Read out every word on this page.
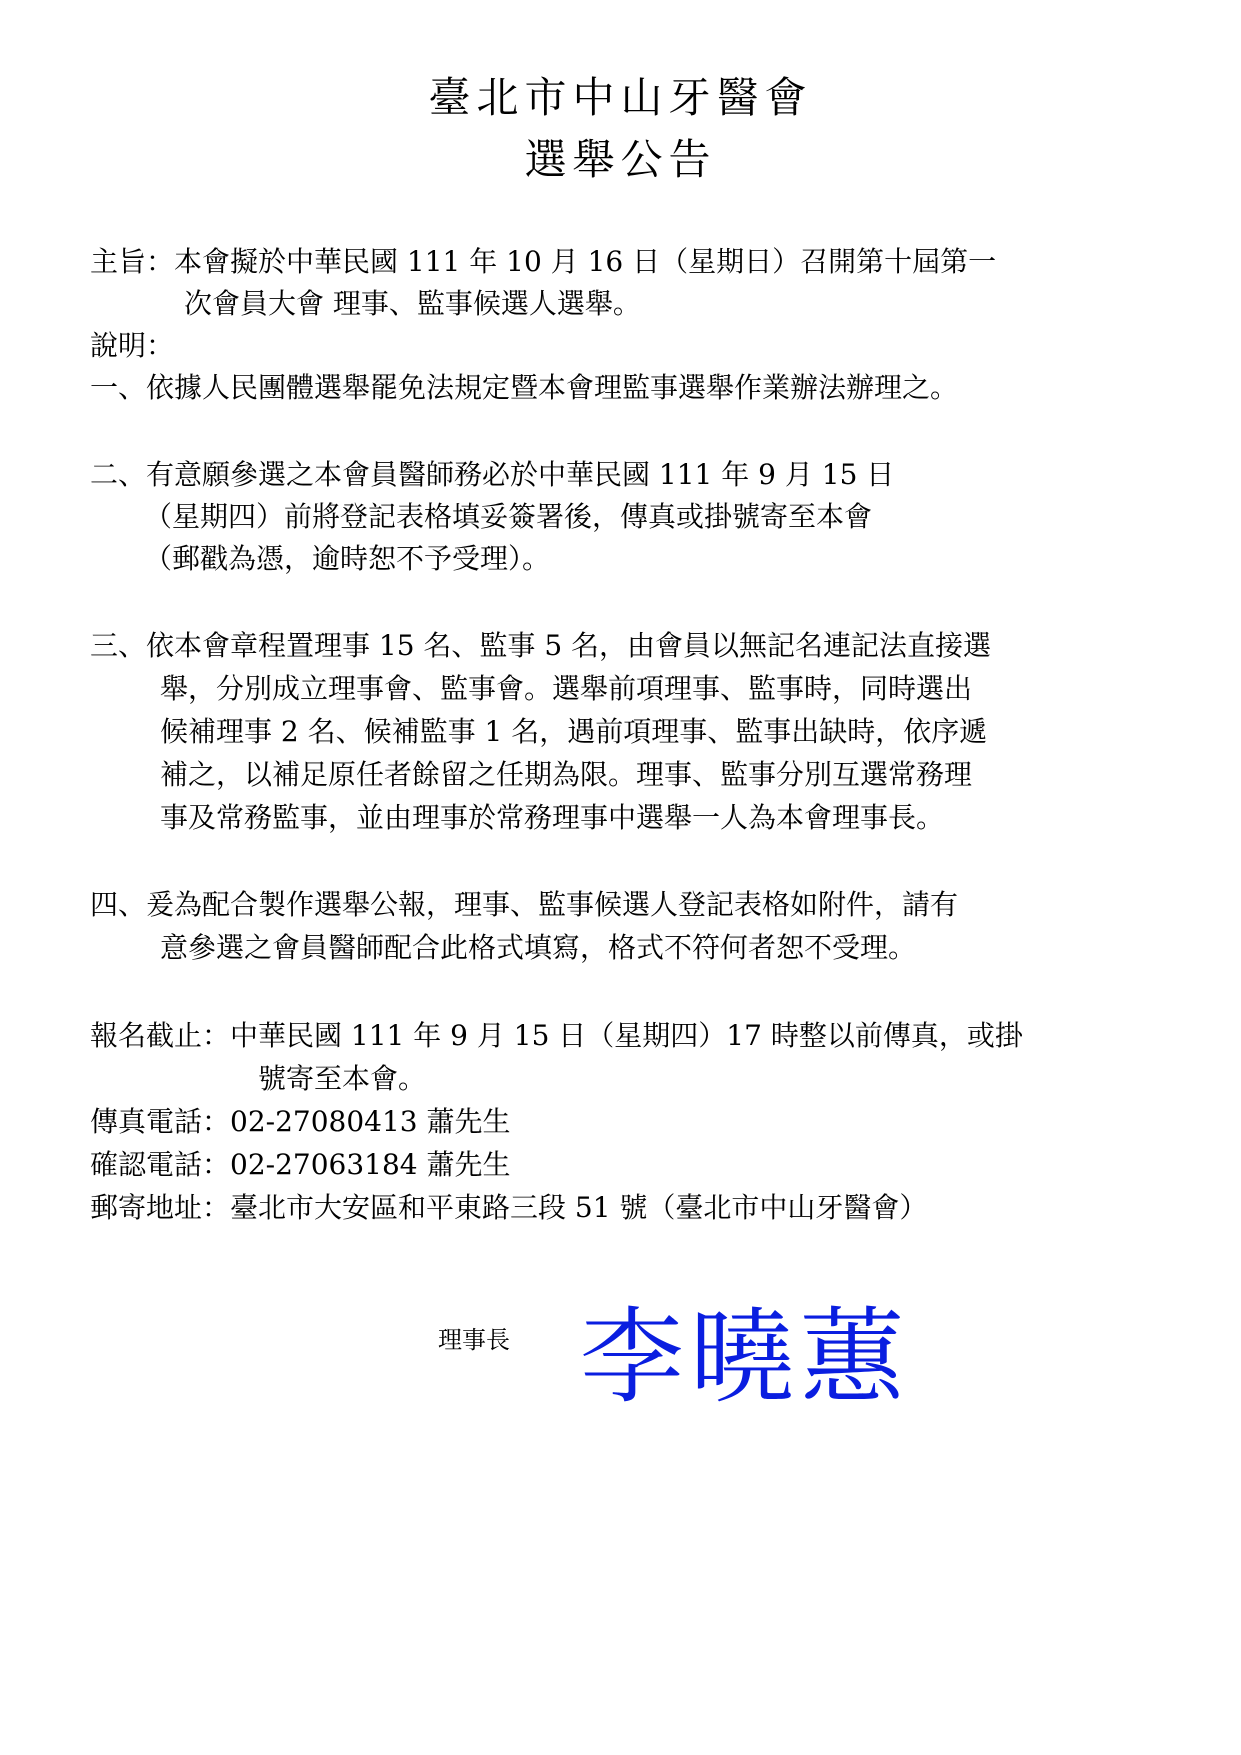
臺北市中山牙醫會
選舉公告
主旨：本會擬於中華民國 111 年 10 月 16 日（星期日）召開第十屆第一
次會員大會 理事、監事候選人選舉。
說明：
一、依據人民團體選舉罷免法規定暨本會理監事選舉作業辦法辦理之。
二、有意願參選之本會員醫師務必於中華民國 111 年 9 月 15 日
（星期四）前將登記表格填妥簽署後，傳真或掛號寄至本會
（郵戳為憑，逾時恕不予受理）。
三、依本會章程置理事 15 名、監事 5 名，由會員以無記名連記法直接選
舉，分別成立理事會、監事會。選舉前項理事、監事時，同時選出
候補理事 2 名、候補監事 1 名，遇前項理事、監事出缺時，依序遞
補之，以補足原任者餘留之任期為限。理事、監事分別互選常務理
事及常務監事，並由理事於常務理事中選舉一人為本會理事長。
四、爰為配合製作選舉公報，理事、監事候選人登記表格如附件，請有
意參選之會員醫師配合此格式填寫，格式不符何者恕不受理。
報名截止：中華民國 111 年 9 月 15 日（星期四）17 時整以前傳真，或掛
號寄至本會。
傳真電話：02-27080413 蕭先生
確認電話：02-27063184 蕭先生
郵寄地址：臺北市大安區和平東路三段 51 號（臺北市中山牙醫會）
理事長 李曉蕙
